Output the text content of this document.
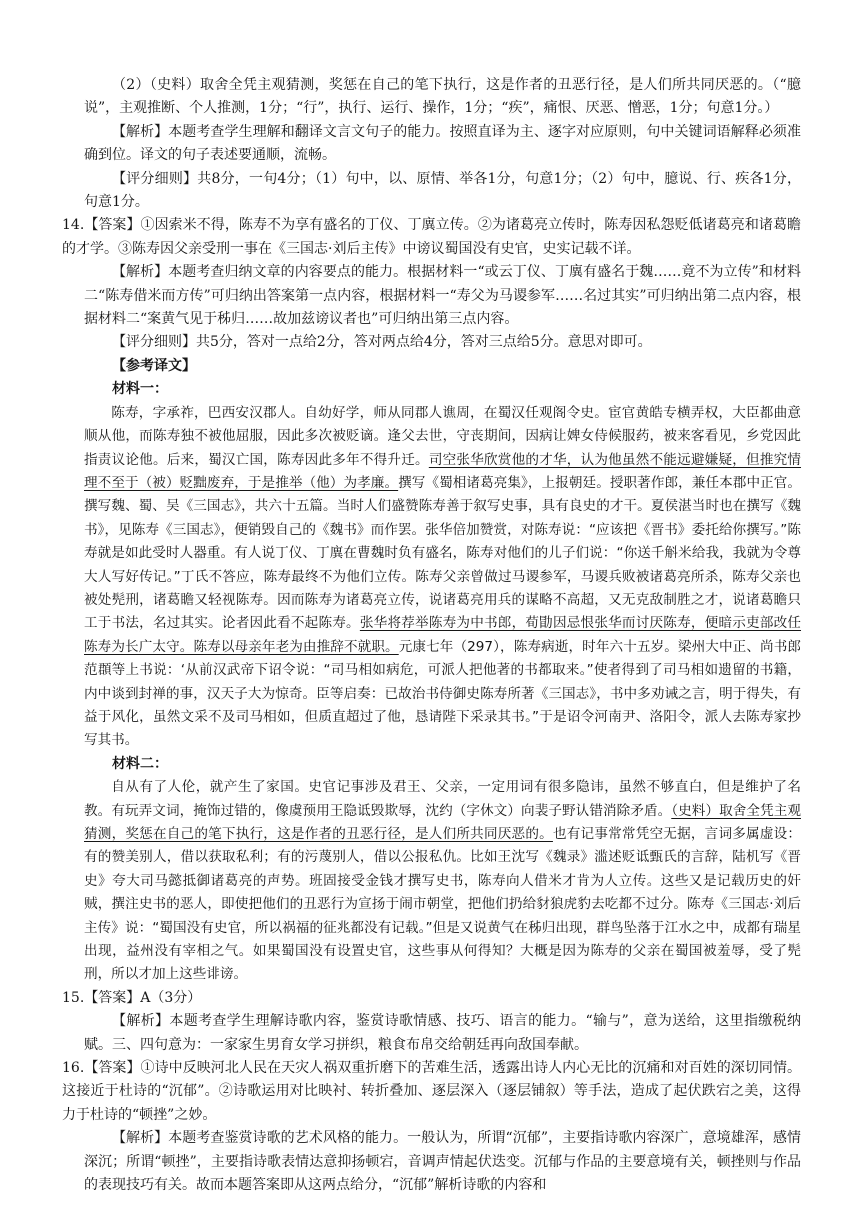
（2）（史料）取舍全凭主观猜测，奖惩在自己的笔下执行，这是作者的丑恶行径，是人们所共同厌恶的。（“臆说”，主观推断、个人推测，1分；“行”，执行、运行、操作，1分；“疾”，痛恨、厌恶、憎恶，1分；句意1分。）

【解析】本题考查学生理解和翻译文言文句子的能力。按照直译为主、逐字对应原则，句中关键词语解释必须准确到位。译文的句子表述要通顺，流畅。

【评分细则】共8分，一句4分；（1）句中，以、原情、举各1分，句意1分；（2）句中，臆说、行、疾各1分，句意1分。

14.【答案】①因索米不得，陈寿不为享有盛名的丁仪、丁廙立传。②为诸葛亮立传时，陈寿因私怨贬低诸葛亮和诸葛瞻的才学。③陈寿因父亲受刑一事在《三国志·刘后主传》中谤议蜀国没有史官，史实记载不详。

【解析】本题考查归纳文章的内容要点的能力。根据材料一“或云丁仪、丁廙有盛名于魏……竟不为立传”和材料二“陈寿借米而方传”可归纳出答案第一点内容，根据材料一“寿父为马谡参军……名过其实”可归纳出第二点内容，根据材料二“案黄气见于秭归……故加兹谤议者也”可归纳出第三点内容。

【评分细则】共5分，答对一点给2分，答对两点给4分，答对三点给5分。意思对即可。

【参考译文】

材料一：

陈寿，字承祚，巴西安汉郡人。自幼好学，师从同郡人谯周，在蜀汉任观阁令史。宦官黄皓专横弄权，大臣都曲意顺从他，而陈寿独不被他屈服，因此多次被贬谪。逢父去世，守丧期间，因病让婢女侍候服药，被来客看见，乡党因此指责议论他。后来，蜀汉亡国，陈寿因此多年不得升迁。司空张华欣赏他的才华，认为他虽然不能远避嫌疑，但推究情理不至于（被）贬黜废弃，于是推举（他）为孝廉。撰写《蜀相诸葛亮集》，上报朝廷。授职著作郎，兼任本郡中正官。撰写魏、蜀、吴《三国志》，共六十五篇。当时人们盛赞陈寿善于叙写史事，具有良史的才干。夏侯湛当时也在撰写《魏书》，见陈寿《三国志》，便销毁自己的《魏书》而作罢。张华倍加赞赏，对陈寿说：“应该把《晋书》委托给你撰写。”陈寿就是如此受时人器重。有人说丁仪、丁廙在曹魏时负有盛名，陈寿对他们的儿子们说：“你送千斛米给我，我就为令尊大人写好传记。”丁氏不答应，陈寿最终不为他们立传。陈寿父亲曾做过马谡参军，马谡兵败被诸葛亮所杀，陈寿父亲也被处髡刑，诸葛瞻又轻视陈寿。因而陈寿为诸葛亮立传，说诸葛亮用兵的谋略不高超，又无克敌制胜之才，说诸葛瞻只工于书法，名过其实。论者因此看不起陈寿。张华将荐举陈寿为中书郎，荀勖因忌恨张华而讨厌陈寿，便暗示吏部改任陈寿为长广太守。陈寿以母亲年老为由推辞不就职。元康七年（297），陈寿病逝，时年六十五岁。梁州大中正、尚书郎范頵等上书说：‘从前汉武帝下诏令说：“司马相如病危，可派人把他著的书都取来。”使者得到了司马相如遗留的书籍，内中谈到封禅的事，汉天子大为惊奇。臣等启奏：已故治书侍御史陈寿所著《三国志》，书中多劝诫之言，明于得失，有益于风化，虽然文采不及司马相如，但质直超过了他，恳请陛下采录其书。”于是诏令河南尹、洛阳令，派人去陈寿家抄写其书。

材料二：

自从有了人伦，就产生了家国。史官记事涉及君王、父亲，一定用词有很多隐讳，虽然不够直白，但是维护了名教。有玩弄文词，掩饰过错的，像虞预用王隐诋毁欺辱，沈约（字休文）向裴子野认错消除矛盾。（史料）取舍全凭主观猜测，奖惩在自己的笔下执行，这是作者的丑恶行径，是人们所共同厌恶的。也有记事常常凭空无据，言词多属虚设：有的赞美别人，借以获取私利；有的污蔑别人，借以公报私仇。比如王沈写《魏录》滥述贬诋甄氏的言辞，陆机写《晋史》夸大司马懿抵御诸葛亮的声势。班固接受金钱才撰写史书，陈寿向人借米才肯为人立传。这些又是记载历史的奸贼，撰注史书的恶人，即使把他们的丑恶行为宣扬于闹市朝堂，把他们扔给豺狼虎豹去吃都不过分。陈寿《三国志·刘后主传》说：“蜀国没有史官，所以祸福的征兆都没有记载。”但是又说黄气在秭归出现，群鸟坠落于江水之中，成都有瑞星出现，益州没有宰相之气。如果蜀国没有设置史官，这些事从何得知？大概是因为陈寿的父亲在蜀国被羞辱，受了髡刑，所以才加上这些诽谤。

15.【答案】A（3分）

【解析】本题考查学生理解诗歌内容，鉴赏诗歌情感、技巧、语言的能力。“输与”，意为送给，这里指缴税纳赋。三、四句意为：一家家生男育女学习拼织，粮食布帛交给朝廷再向敌国奉献。

16.【答案】①诗中反映河北人民在天灾人祸双重折磨下的苦难生活，透露出诗人内心无比的沉痛和对百姓的深切同情。这接近于杜诗的“沉郁”。②诗歌运用对比映衬、转折叠加、逐层深入（逐层铺叙）等手法，造成了起伏跌宕之美，这得力于杜诗的“顿挫”之妙。

【解析】本题考查鉴赏诗歌的艺术风格的能力。一般认为，所谓“沉郁”，主要指诗歌内容深广，意境雄浑，感情深沉；所谓“顿挫”，主要指诗歌表情达意抑扬顿宕，音调声情起伏迭变。沉郁与作品的主要意境有关，顿挫则与作品的表现技巧有关。故而本题答案即从这两点给分，“沉郁”解析诗歌的内容和
